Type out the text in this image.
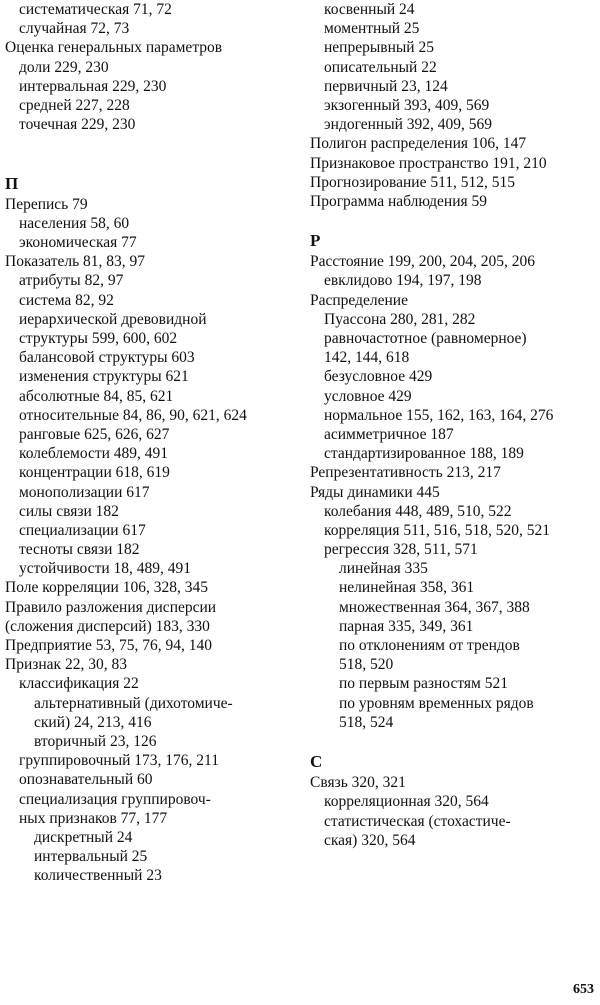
систематическая 71, 72
случайная 72, 73
Оценка генеральных параметров
доли 229, 230
интервальная 229, 230
средней 227, 228
точечная 229, 230
П
Перепись 79
населения 58, 60
экономическая 77
Показатель 81, 83, 97
атрибуты 82, 97
система 82, 92
иерархической древовидной
структуры 599, 600, 602
балансовой структуры 603
изменения структуры 621
абсолютные 84, 85, 621
относительные 84, 86, 90, 621, 624
ранговые 625, 626, 627
колеблемости 489, 491
концентрации 618, 619
монополизации 617
силы связи 182
специализации 617
тесноты связи 182
устойчивости 18, 489, 491
Поле корреляции 106, 328, 345
Правило разложения дисперсии
(сложения дисперсий) 183, 330
Предприятие 53, 75, 76, 94, 140
Признак 22, 30, 83
классификация 22
альтернативный (дихотомиче-
ский) 24, 213, 416
вторичный 23, 126
группировочный 173, 176, 211
опознавательный 60
специализация группировоч-
ных признаков 77, 177
дискретный 24
интервальный 25
количественный 23
косвенный 24
моментный 25
непрерывный 25
описательный 22
первичный 23, 124
экзогенный 393, 409, 569
эндогенный 392, 409, 569
Полигон распределения 106, 147
Признаковое пространство 191, 210
Прогнозирование 511, 512, 515
Программа наблюдения 59
Р
Расстояние 199, 200, 204, 205, 206
евклидово 194, 197, 198
Распределение
Пуассона 280, 281, 282
равночастотное (равномерное)
142, 144, 618
безусловное 429
условное 429
нормальное 155, 162, 163, 164, 276
асимметричное 187
стандартизированное 188, 189
Репрезентативность 213, 217
Ряды динамики 445
колебания 448, 489, 510, 522
корреляция 511, 516, 518, 520, 521
регрессия 328, 511, 571
линейная 335
нелинейная 358, 361
множественная 364, 367, 388
парная 335, 349, 361
по отклонениям от трендов
518, 520
по первым разностям 521
по уровням временных рядов
518, 524
С
Связь 320, 321
корреляционная 320, 564
статистическая (стохастиче-
ская) 320, 564
653
